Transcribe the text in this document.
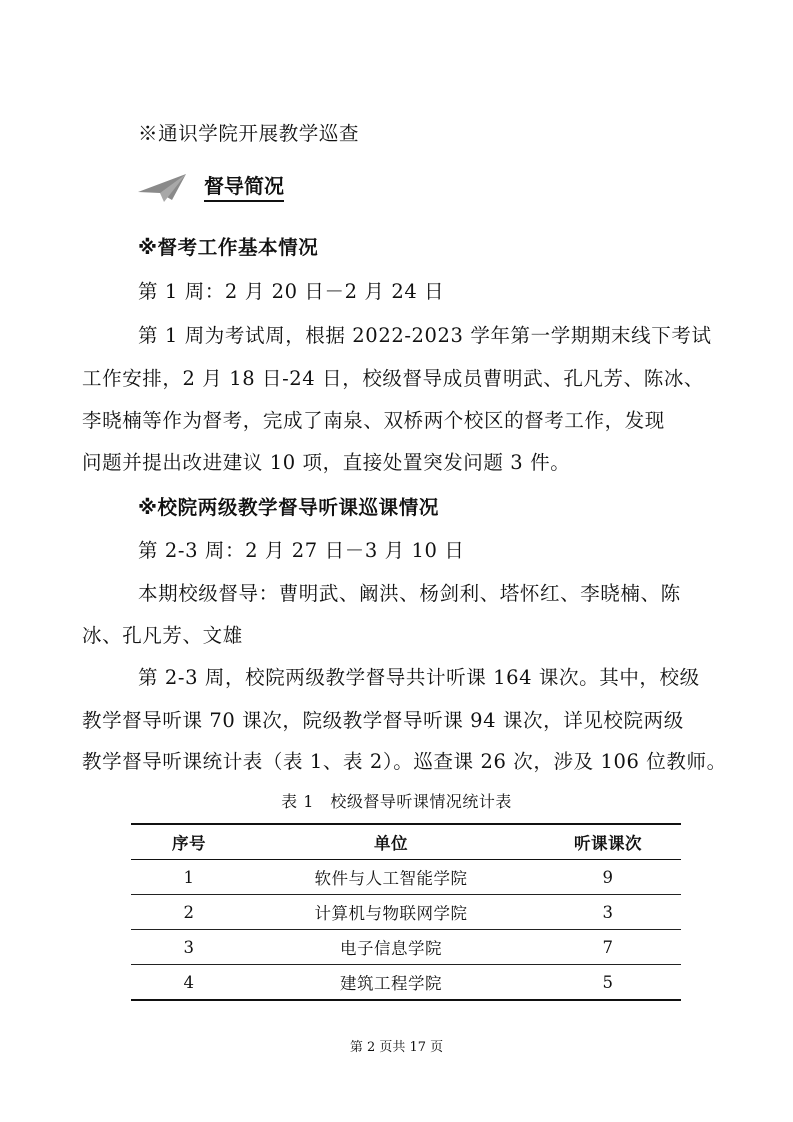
※通识学院开展教学巡查
督导简况
※督考工作基本情况
第 1 周：2 月 20 日－2 月 24 日
第 1 周为考试周，根据 2022-2023 学年第一学期期末线下考试
工作安排，2 月 18 日-24 日，校级督导成员曹明武、孔凡芳、陈冰、
李晓楠等作为督考，完成了南泉、双桥两个校区的督考工作，发现
问题并提出改进建议 10 项，直接处置突发问题 3 件。
※校院两级教学督导听课巡课情况
第 2-3 周：2 月 27 日－3 月 10 日
本期校级督导：曹明武、阚洪、杨剑利、塔怀红、李晓楠、陈
冰、孔凡芳、文雄
第 2-3 周，校院两级教学督导共计听课 164 课次。其中，校级
教学督导听课 70 课次，院级教学督导听课 94 课次，详见校院两级
教学督导听课统计表（表 1、表 2）。巡查课 26 次，涉及 106 位教师。
表 1　校级督导听课情况统计表
序号	单位	听课课次
1	软件与人工智能学院	9
2	计算机与物联网学院	3
3	电子信息学院	7
4	建筑工程学院	5
第 2 页共 17 页
